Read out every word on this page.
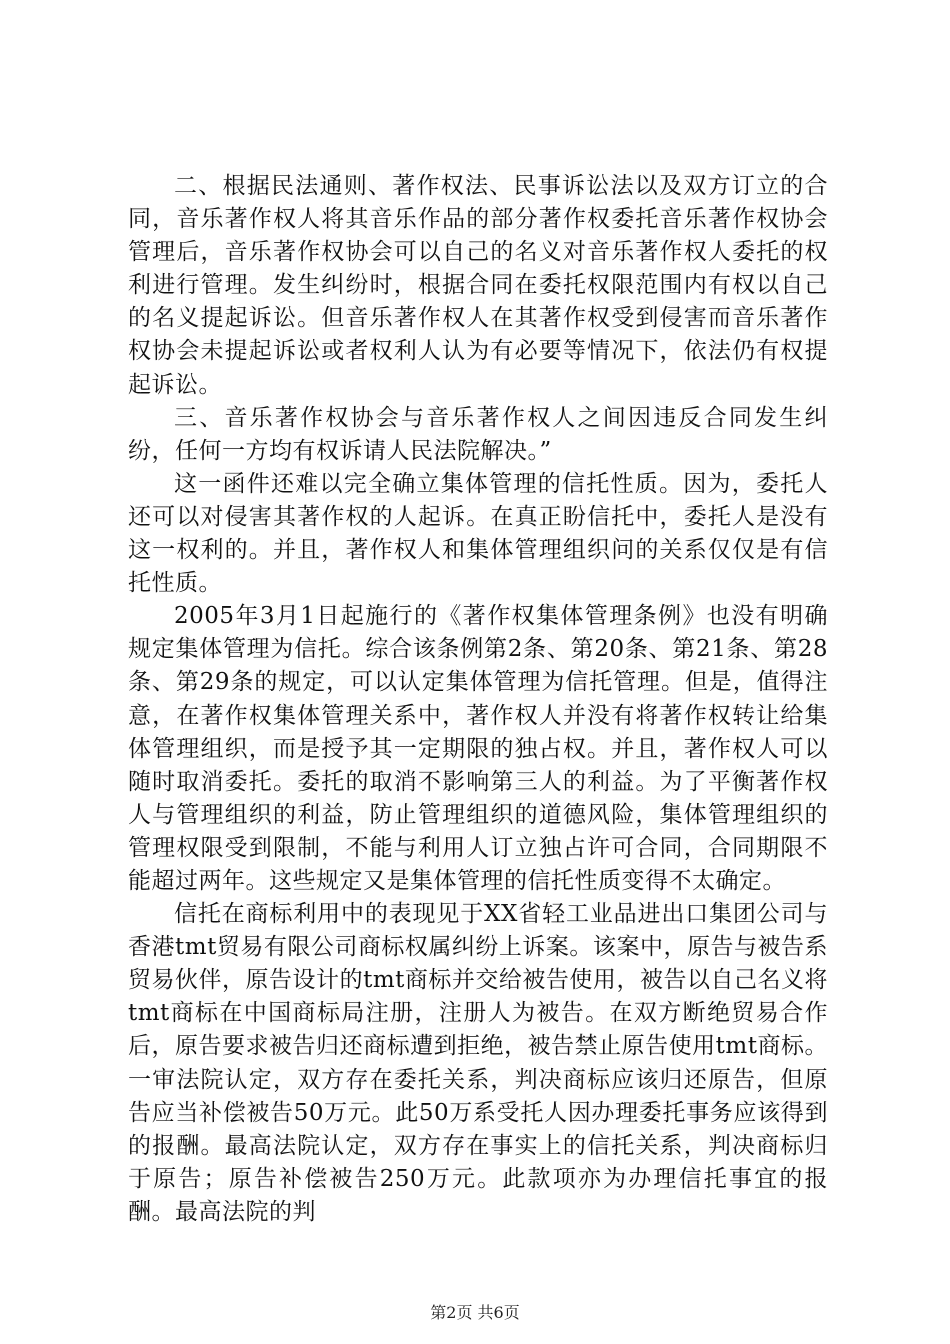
二、根据民法通则、著作权法、民事诉讼法以及双方订立的合同，音乐著作权人将其音乐作品的部分著作权委托音乐著作权协会管理后，音乐著作权协会可以自己的名义对音乐著作权人委托的权利进行管理。发生纠纷时，根据合同在委托权限范围内有权以自己的名义提起诉讼。但音乐著作权人在其著作权受到侵害而音乐著作权协会未提起诉讼或者权利人认为有必要等情况下，依法仍有权提起诉讼。

三、音乐著作权协会与音乐著作权人之间因违反合同发生纠纷，任何一方均有权诉请人民法院解决。”

这一函件还难以完全确立集体管理的信托性质。因为，委托人还可以对侵害其著作权的人起诉。在真正盼信托中，委托人是没有这一权利的。并且，著作权人和集体管理组织问的关系仅仅是有信托性质。

2005年3月1日起施行的《著作权集体管理条例》也没有明确规定集体管理为信托。综合该条例第2条、第20条、第21条、第28条、第29条的规定，可以认定集体管理为信托管理。但是，值得注意，在著作权集体管理关系中，著作权人并没有将著作权转让给集体管理组织，而是授予其一定期限的独占权。并且，著作权人可以随时取消委托。委托的取消不影响第三人的利益。为了平衡著作权人与管理组织的利益，防止管理组织的道德风险，集体管理组织的管理权限受到限制，不能与利用人订立独占许可合同，合同期限不能超过两年。这些规定又是集体管理的信托性质变得不太确定。

信托在商标利用中的表现见于XX省轻工业品进出口集团公司与香港tmt贸易有限公司商标权属纠纷上诉案。该案中，原告与被告系贸易伙伴，原告设计的tmt商标并交给被告使用，被告以自己名义将tmt商标在中国商标局注册，注册人为被告。在双方断绝贸易合作后，原告要求被告归还商标遭到拒绝，被告禁止原告使用tmt商标。一审法院认定，双方存在委托关系，判决商标应该归还原告，但原告应当补偿被告50万元。此50万系受托人因办理委托事务应该得到的报酬。最高法院认定，双方存在事实上的信托关系，判决商标归于原告；原告补偿被告250万元。此款项亦为办理信托事宜的报酬。最高法院的判

第2页 共6页
